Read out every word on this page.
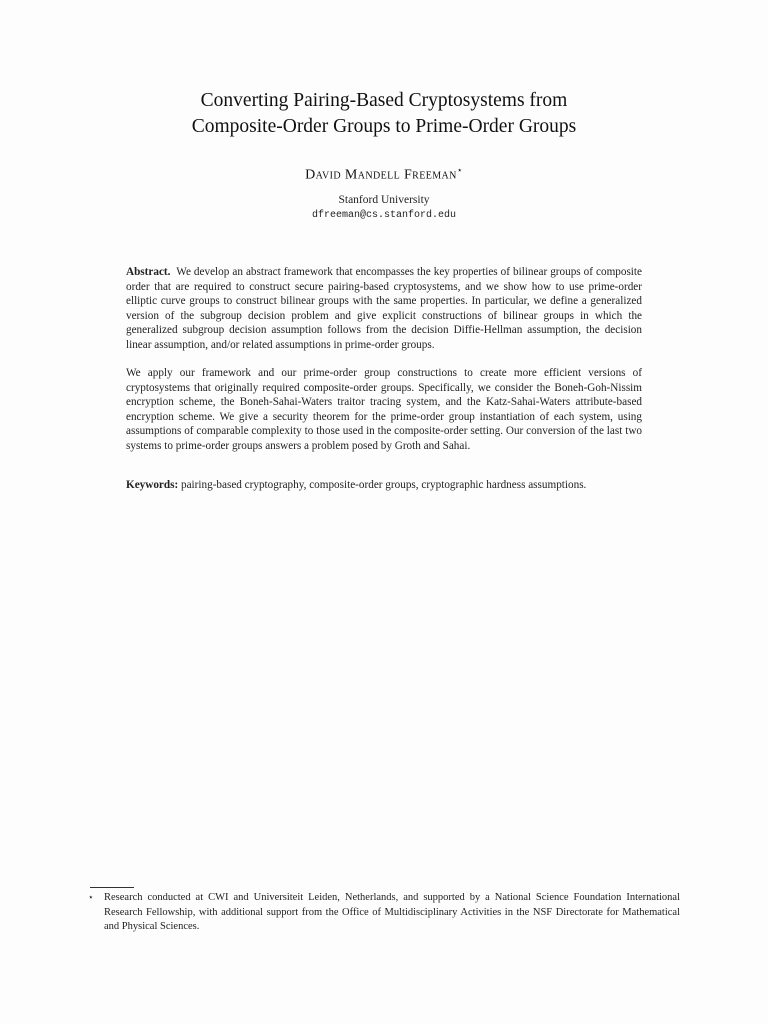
Converting Pairing-Based Cryptosystems from
Composite-Order Groups to Prime-Order Groups
David Mandell Freeman⋆
Stanford University
dfreeman@cs.stanford.edu

Abstract. We develop an abstract framework that encompasses the key properties of bilinear groups of composite order that are required to construct secure pairing-based cryptosystems, and we show how to use prime-order elliptic curve groups to construct bilinear groups with the same properties. In particular, we define a generalized version of the subgroup decision problem and give explicit constructions of bilinear groups in which the generalized subgroup decision assumption follows from the decision Diffie-Hellman assumption, the decision linear assumption, and/or related assumptions in prime-order groups.

We apply our framework and our prime-order group constructions to create more efficient versions of cryptosystems that originally required composite-order groups. Specifically, we consider the Boneh-Goh-Nissim encryption scheme, the Boneh-Sahai-Waters traitor tracing system, and the Katz-Sahai-Waters attribute-based encryption scheme. We give a security theorem for the prime-order group instantiation of each system, using assumptions of comparable complexity to those used in the composite-order setting. Our conversion of the last two systems to prime-order groups answers a problem posed by Groth and Sahai.

Keywords: pairing-based cryptography, composite-order groups, cryptographic hardness assumptions.

⋆ Research conducted at CWI and Universiteit Leiden, Netherlands, and supported by a National Science Foundation International Research Fellowship, with additional support from the Office of Multidisciplinary Activities in the NSF Directorate for Mathematical and Physical Sciences.
